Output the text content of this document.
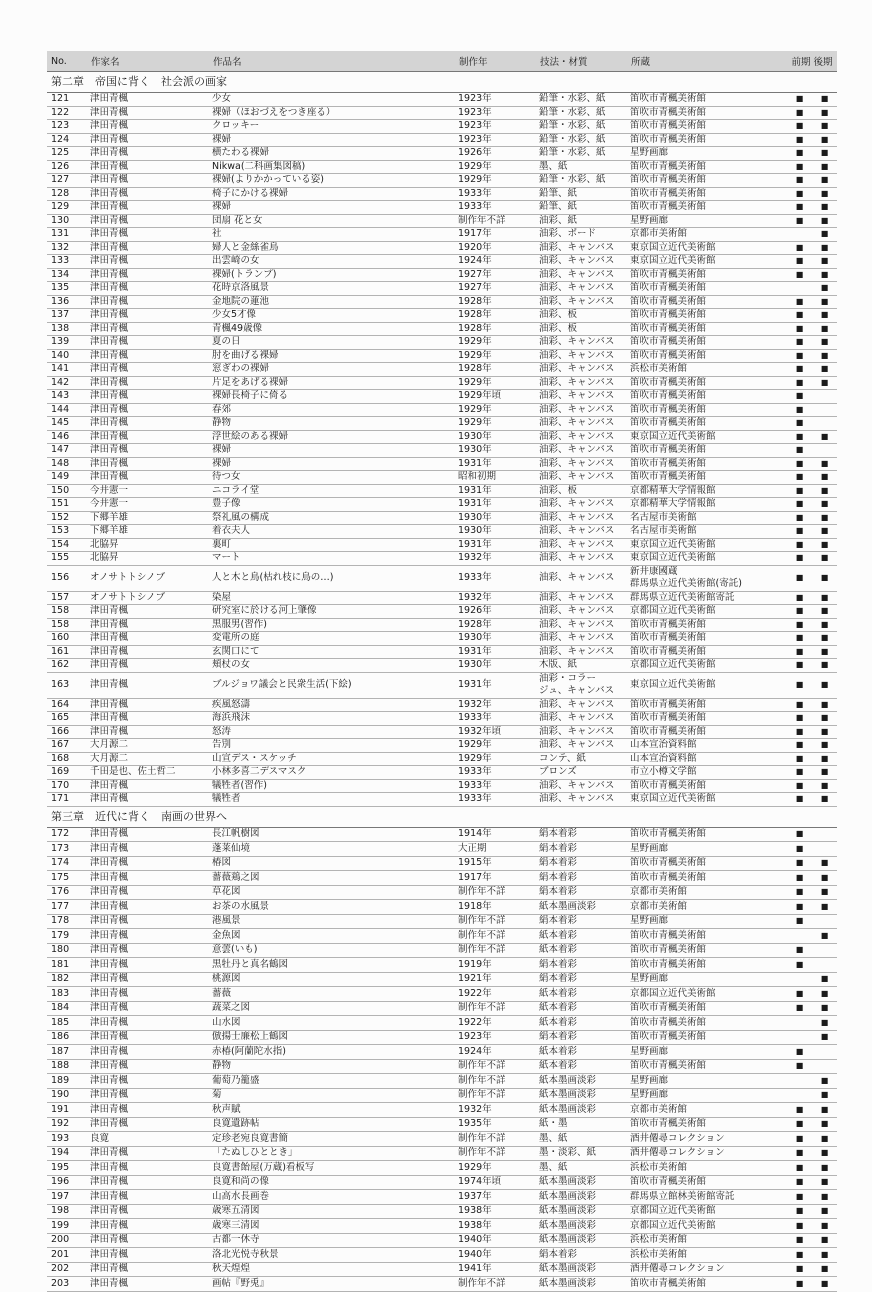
No.	作家名	作品名	制作年	技法・材質	所蔵	前期 後期	
第二章　帝国に背く　社会派の画家							
121	津田青楓	少女	1923年	鉛筆・水彩、紙	笛吹市青楓美術館	■	■
122	津田青楓	裸婦（ほおづえをつき座る）	1923年	鉛筆・水彩、紙	笛吹市青楓美術館	■	■
123	津田青楓	クロッキー	1923年	鉛筆・水彩、紙	笛吹市青楓美術館	■	■
124	津田青楓	裸婦	1923年	鉛筆・水彩、紙	笛吹市青楓美術館	■	■
125	津田青楓	横たわる裸婦	1926年	鉛筆・水彩、紙	星野画廊	■	■
126	津田青楓	Nikwa(二科画集図稿)	1929年	墨、紙	笛吹市青楓美術館	■	■
127	津田青楓	裸婦(よりかかっている姿)	1929年	鉛筆・水彩、紙	笛吹市青楓美術館	■	■
128	津田青楓	椅子にかける裸婦	1933年	鉛筆、紙	笛吹市青楓美術館	■	■
129	津田青楓	裸婦	1933年	鉛筆、紙	笛吹市青楓美術館	■	■
130	津田青楓	団扇 花と女	制作年不詳	油彩、紙	星野画廊	■	■
131	津田青楓	社	1917年	油彩、ボード	京都市美術館		■
132	津田青楓	婦人と金絲雀鳥	1920年	油彩、キャンバス	東京国立近代美術館	■	■
133	津田青楓	出雲崎の女	1924年	油彩、キャンバス	東京国立近代美術館	■	■
134	津田青楓	裸婦(トランプ)	1927年	油彩、キャンバス	笛吹市青楓美術館	■	■
135	津田青楓	花時京洛風景	1927年	油彩、キャンバス	笛吹市青楓美術館		■
136	津田青楓	金地院の蓮池	1928年	油彩、キャンバス	笛吹市青楓美術館	■	■
137	津田青楓	少女5才像	1928年	油彩、板	笛吹市青楓美術館	■	■
138	津田青楓	青楓49歳像	1928年	油彩、板	笛吹市青楓美術館	■	■
139	津田青楓	夏の日	1929年	油彩、キャンバス	笛吹市青楓美術館	■	■
140	津田青楓	肘を曲げる裸婦	1929年	油彩、キャンバス	笛吹市青楓美術館	■	■
141	津田青楓	窓ぎわの裸婦	1928年	油彩、キャンバス	浜松市美術館	■	■
142	津田青楓	片足をあげる裸婦	1929年	油彩、キャンバス	笛吹市青楓美術館	■	■
143	津田青楓	裸婦長椅子に倚る	1929年頃	油彩、キャンバス	笛吹市青楓美術館	■	
144	津田青楓	春郊	1929年	油彩、キャンバス	笛吹市青楓美術館	■	
145	津田青楓	静物	1929年	油彩、キャンバス	笛吹市青楓美術館	■	
146	津田青楓	浮世絵のある裸婦	1930年	油彩、キャンバス	東京国立近代美術館	■	■
147	津田青楓	裸婦	1930年	油彩、キャンバス	笛吹市青楓美術館	■	
148	津田青楓	裸婦	1931年	油彩、キャンバス	笛吹市青楓美術館	■	■
149	津田青楓	待つ女	昭和初期	油彩、キャンバス	笛吹市青楓美術館	■	■
150	今井憲一	ニコライ堂	1931年	油彩、板	京都精華大学情報館	■	■
151	今井憲一	豊子像	1931年	油彩、キャンバス	京都精華大学情報館	■	■
152	下郷羊雄	祭礼風の構成	1930年	油彩、キャンバス	名古屋市美術館	■	■
153	下郷羊雄	着衣夫人	1930年	油彩、キャンバス	名古屋市美術館	■	■
154	北脇昇	裏町	1931年	油彩、キャンバス	東京国立近代美術館	■	■
155	北脇昇	マート	1932年	油彩、キャンバス	東京国立近代美術館	■	■
156	オノサトトシノブ	人と木と鳥(枯れ枝に鳥の…)	1933年	油彩、キャンバス	新井康國蔵
群馬県立近代美術館(寄託)	■	■
157	オノサトトシノブ	染屋	1932年	油彩、キャンバス	群馬県立近代美術館寄託	■	■
158	津田青楓	研究室に於ける河上肇像	1926年	油彩、キャンバス	京都国立近代美術館	■	■
158	津田青楓	黒服男(習作)	1928年	油彩、キャンバス	笛吹市青楓美術館	■	■
160	津田青楓	変電所の庭	1930年	油彩、キャンバス	笛吹市青楓美術館	■	■
161	津田青楓	玄関口にて	1931年	油彩、キャンバス	笛吹市青楓美術館	■	■
162	津田青楓	頬杖の女	1930年	木版、紙	京都国立近代美術館	■	■
163	津田青楓	ブルジョワ議会と民衆生活(下絵)	1931年	油彩・コラー
ジュ、キャンバス	東京国立近代美術館	■	■
164	津田青楓	疾風怒濤	1932年	油彩、キャンバス	笛吹市青楓美術館	■	■
165	津田青楓	海浜飛沫	1933年	油彩、キャンバス	笛吹市青楓美術館	■	■
166	津田青楓	怒涛	1932年頃	油彩、キャンバス	笛吹市青楓美術館	■	■
167	大月源二	告別	1929年	油彩、キャンバス	山本宣治資料館	■	■
168	大月源二	山宣デス・スケッチ	1929年	コンテ、紙	山本宣治資料館	■	■
169	千田是也、佐土哲二	小林多喜二デスマスク	1933年	ブロンズ	市立小樽文学館	■	■
170	津田青楓	犠牲者(習作)	1933年	油彩、キャンバス	笛吹市青楓美術館	■	■
171	津田青楓	犠牲者	1933年	油彩、キャンバス	東京国立近代美術館	■	■
第三章　近代に背く　南画の世界へ							
172	津田青楓	長江帆樹図	1914年	絹本着彩	笛吹市青楓美術館	■	
173	津田青楓	蓬莱仙境	大正期	絹本着彩	星野画廊	■	
174	津田青楓	椿図	1915年	絹本着彩	笛吹市青楓美術館	■	■
175	津田青楓	薔薇鶏之図	1917年	絹本着彩	笛吹市青楓美術館	■	■
176	津田青楓	草花図	制作年不詳	絹本着彩	京都市美術館	■	■
177	津田青楓	お茶の水風景	1918年	紙本墨画淡彩	京都市美術館	■	■
178	津田青楓	港風景	制作年不詳	絹本着彩	星野画廊	■	
179	津田青楓	金魚図	制作年不詳	紙本着彩	笛吹市青楓美術館		■
180	津田青楓	意蕓(いも)	制作年不詳	紙本着彩	笛吹市青楓美術館	■	
181	津田青楓	黒牡丹と真名鶴図	1919年	絹本着彩	笛吹市青楓美術館	■	
182	津田青楓	桃源図	1921年	絹本着彩	星野画廊		■
183	津田青楓	薔薇	1922年	紙本着彩	京都国立近代美術館	■	■
184	津田青楓	蔬菜之図	制作年不詳	紙本着彩	笛吹市青楓美術館	■	■
185	津田青楓	山水図	1922年	紙本着彩	笛吹市青楓美術館		■
186	津田青楓	倣揚士廉松上鶴図	1923年	絹本着彩	笛吹市青楓美術館		■
187	津田青楓	赤椿(阿蘭陀水指)	1924年	紙本着彩	星野画廊	■	
188	津田青楓	静物	制作年不詳	紙本着彩	笛吹市青楓美術館	■	
189	津田青楓	葡萄乃籠盛	制作年不詳	紙本墨画淡彩	星野画廊		■
190	津田青楓	菊	制作年不詳	紙本墨画淡彩	星野画廊		■
191	津田青楓	秋声賦	1932年	紙本墨画淡彩	京都市美術館	■	■
192	津田青楓	良寛遺跡帖	1935年	紙・墨	笛吹市青楓美術館	■	■
193	良寛	定珍老宛良寛書簡	制作年不詳	墨、紙	酒井僊尋コレクション	■	■
194	津田青楓	「たぬしひととき」	制作年不詳	墨・淡彩、紙	酒井僊尋コレクション	■	■
195	津田青楓	良寛書飴屋(万蔵)看板写	1929年	墨、紙	浜松市美術館	■	■
196	津田青楓	良寛和尚の像	1974年頃	紙本墨画淡彩	笛吹市青楓美術館	■	■
197	津田青楓	山高水長画巻	1937年	紙本墨画淡彩	群馬県立館林美術館寄託	■	■
198	津田青楓	歳寒五清図	1938年	紙本墨画淡彩	京都国立近代美術館	■	■
199	津田青楓	歳寒三清図	1938年	紙本墨画淡彩	京都国立近代美術館	■	■
200	津田青楓	古都一休寺	1940年	紙本墨画淡彩	浜松市美術館	■	■
201	津田青楓	洛北光悦寺秋景	1940年	絹本着彩	浜松市美術館	■	■
202	津田青楓	秋天煌煌	1941年	紙本墨画淡彩	酒井僊尋コレクション	■	■
203	津田青楓	画帖『野兎』	制作年不詳	紙本墨画淡彩	笛吹市青楓美術館	■	■
